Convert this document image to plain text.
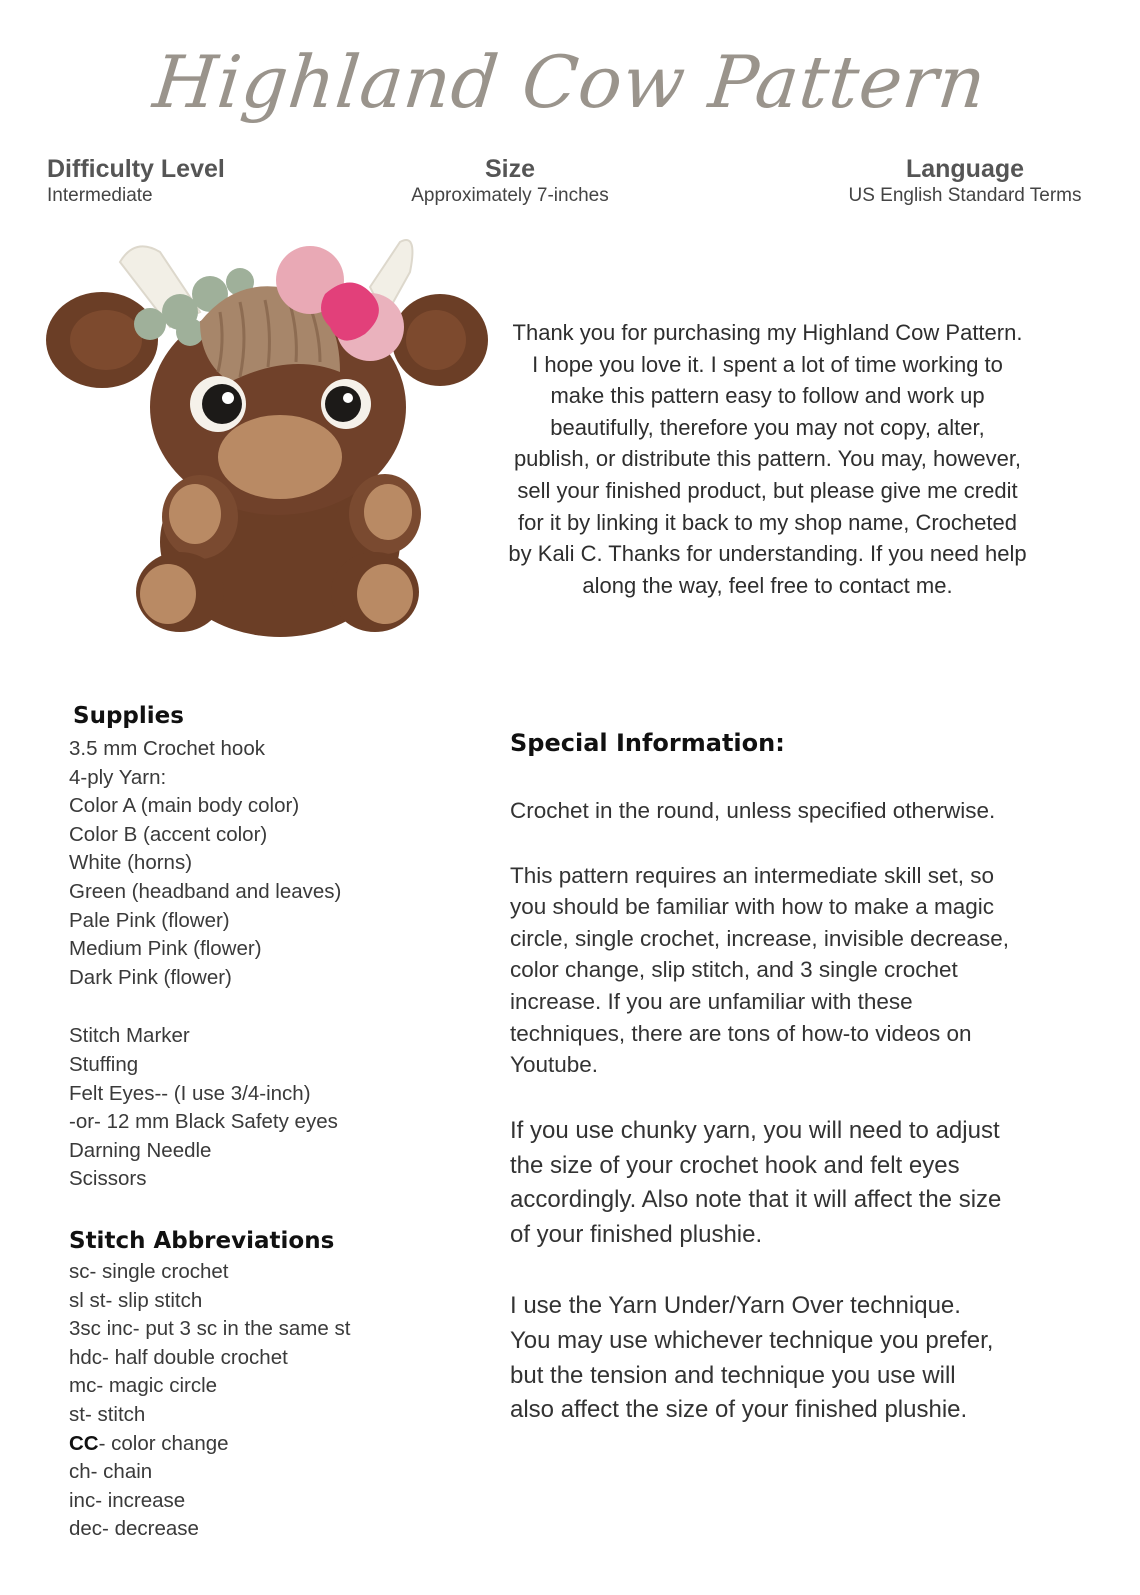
Highland Cow Pattern
Difficulty Level
Intermediate
Size
Approximately 7-inches
Language
US English Standard Terms
Thank you for purchasing my Highland Cow Pattern.
I hope you love it. I spent a lot of time working to
make this pattern easy to follow and work up
beautifully, therefore you may not copy, alter,
publish, or distribute this pattern. You may, however,
sell your finished product, but please give me credit
for it by linking it back to my shop name, Crocheted
by Kali C. Thanks for understanding. If you need help
along the way, feel free to contact me.
Supplies
3.5 mm Crochet hook
4-ply Yarn:
Color A (main body color)
Color B (accent color)
White (horns)
Green (headband and leaves)
Pale Pink (flower)
Medium Pink (flower)
Dark Pink (flower)
Stitch Marker
Stuffing
Felt Eyes-- (I use 3/4-inch)
-or- 12 mm Black Safety eyes
Darning Needle
Scissors
Stitch Abbreviations
sc- single crochet
sl st- slip stitch
3sc inc- put 3 sc in the same st
hdc- half double crochet
mc- magic circle
st- stitch
CC- color change
ch- chain
inc- increase
dec- decrease
Special Information:
Crochet in the round, unless specified otherwise.
This pattern requires an intermediate skill set, so
you should be familiar with how to make a magic
circle, single crochet, increase, invisible decrease,
color change, slip stitch, and 3 single crochet
increase. If you are unfamiliar with these
techniques, there are tons of how-to videos on
Youtube.
If you use chunky yarn, you will need to adjust
the size of your crochet hook and felt eyes
accordingly. Also note that it will affect the size
of your finished plushie.
I use the Yarn Under/Yarn Over technique.
You may use whichever technique you prefer,
but the tension and technique you use will
also affect the size of your finished plushie.
